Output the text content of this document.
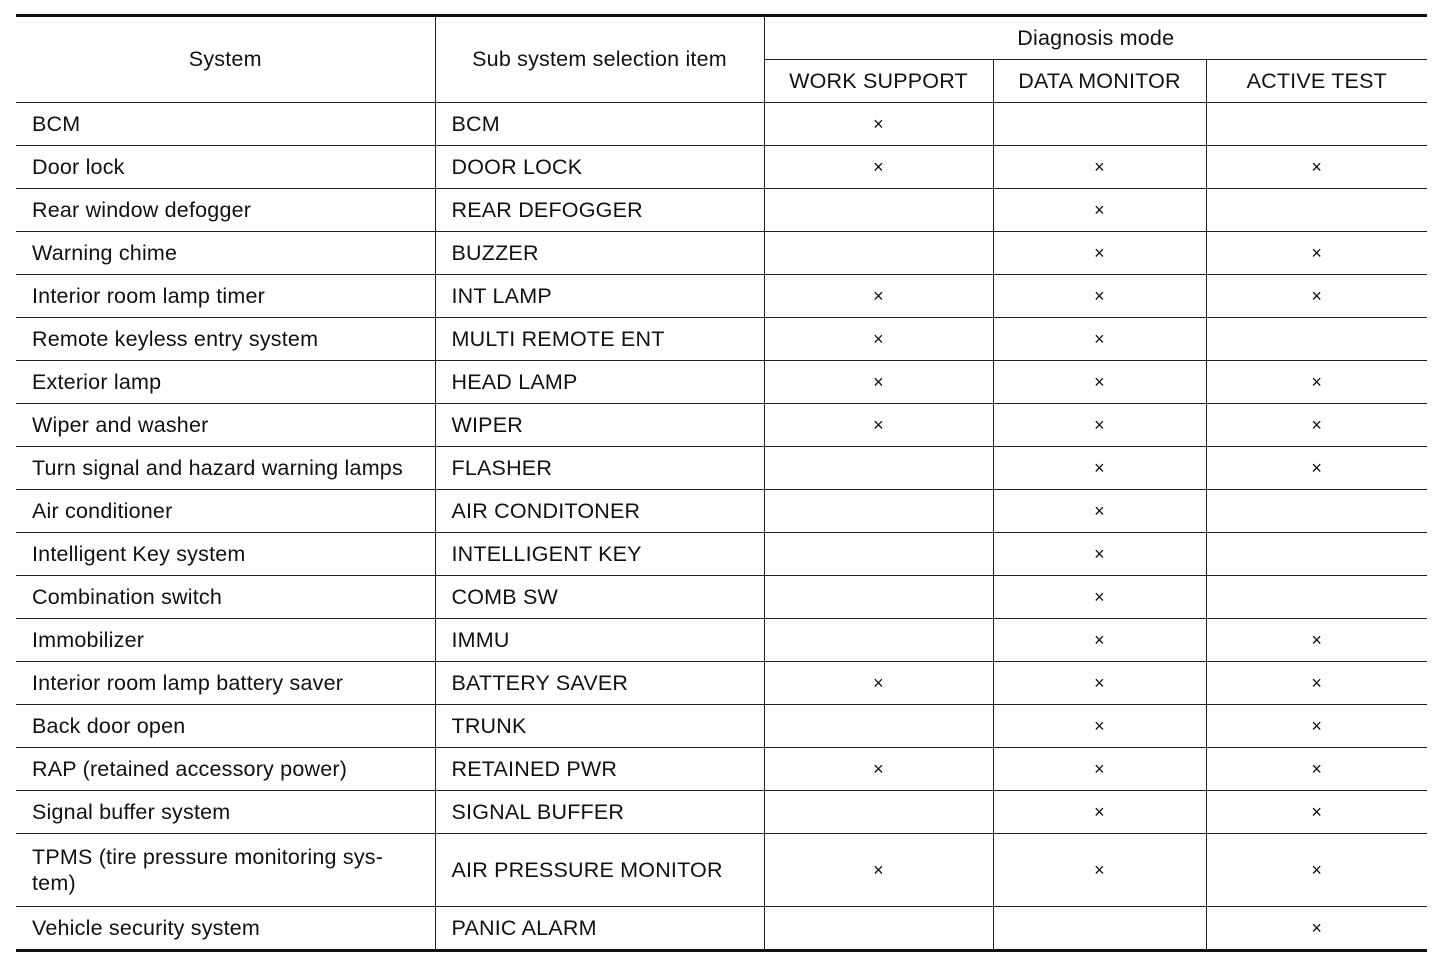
System	Sub system selection item	Diagnosis mode		
		WORK SUPPORT	DATA MONITOR	ACTIVE TEST
BCM	BCM	×		
Door lock	DOOR LOCK	×	×	×
Rear window defogger	REAR DEFOGGER		×	
Warning chime	BUZZER		×	×
Interior room lamp timer	INT LAMP	×	×	×
Remote keyless entry system	MULTI REMOTE ENT	×	×	
Exterior lamp	HEAD LAMP	×	×	×
Wiper and washer	WIPER	×	×	×
Turn signal and hazard warning lamps	FLASHER		×	×
Air conditioner	AIR CONDITONER		×	
Intelligent Key system	INTELLIGENT KEY		×	
Combination switch	COMB SW		×	
Immobilizer	IMMU		×	×
Interior room lamp battery saver	BATTERY SAVER	×	×	×
Back door open	TRUNK		×	×
RAP (retained accessory power)	RETAINED PWR	×	×	×
Signal buffer system	SIGNAL BUFFER		×	×

TPMS (tire pressure monitoring sys-
tem)	AIR PRESSURE MONITOR	×	×	×
Vehicle security system	PANIC ALARM			×
